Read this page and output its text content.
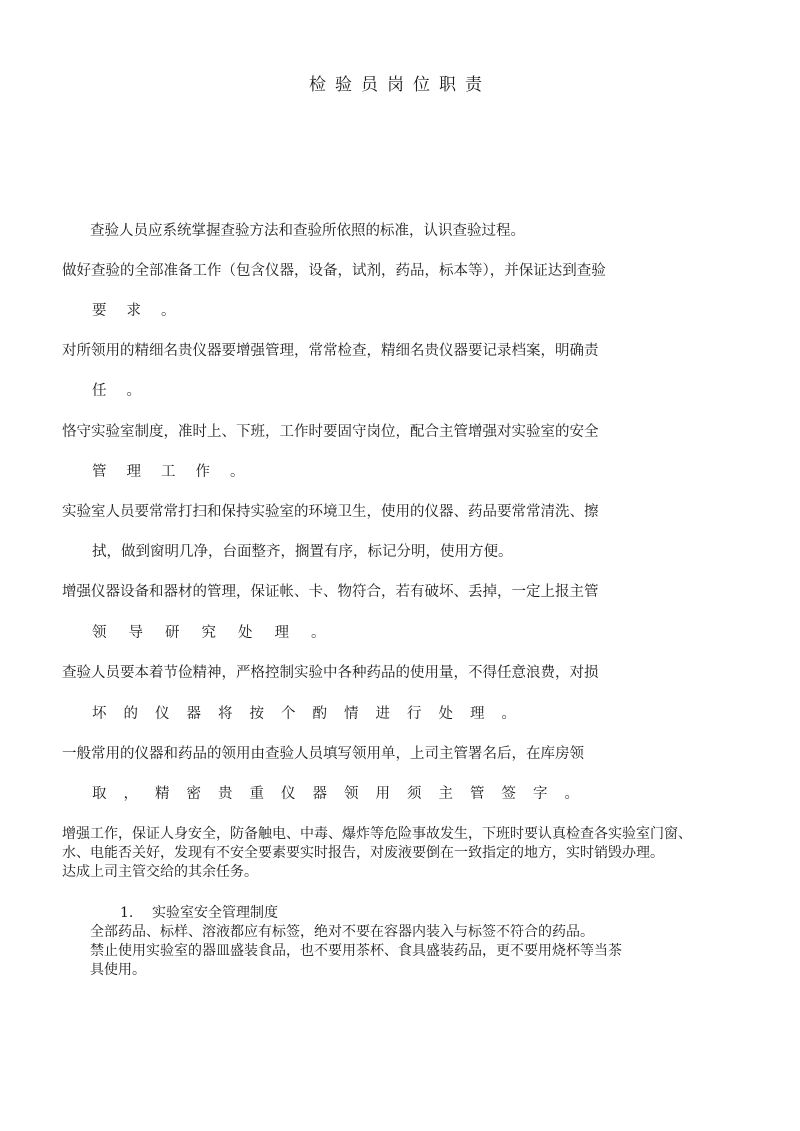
检验员岗位职责
查验人员应系统掌握查验方法和查验所依照的标准，认识查验过程。
做好查验的全部准备工作（包含仪器，设备，试剂，药品，标本等），并保证达到查验
要求。
对所领用的精细名贵仪器要增强管理，常常检查，精细名贵仪器要记录档案，明确责
任。
恪守实验室制度，准时上、下班，工作时要固守岗位，配合主管增强对实验室的安全
管理工作。
实验室人员要常常打扫和保持实验室的环境卫生，使用的仪器、药品要常常清洗、擦
拭，做到窗明几净，台面整齐，搁置有序，标记分明，使用方便。
增强仪器设备和器材的管理，保证帐、卡、物符合，若有破坏、丢掉，一定上报主管
领导研究处理。
查验人员要本着节俭精神，严格控制实验中各种药品的使用量，不得任意浪费，对损
坏的仪器将按个酌情进行处理。
一般常用的仪器和药品的领用由查验人员填写领用单，上司主管署名后，在库房领
取，精密贵重仪器领用须主管签字。
增强工作，保证人身安全，防备触电、中毒、爆炸等危险事故发生，下班时要认真检查各实验室门窗、
水、电能否关好，发现有不安全要素要实时报告，对废液要倒在一致指定的地方，实时销毁办理。
达成上司主管交给的其余任务。
1. 实验室安全管理制度
全部药品、标样、溶液都应有标签，绝对不要在容器内装入与标签不符合的药品。
禁止使用实验室的器皿盛装食品，也不要用茶杯、食具盛装药品，更不要用烧杯等当茶
具使用。
